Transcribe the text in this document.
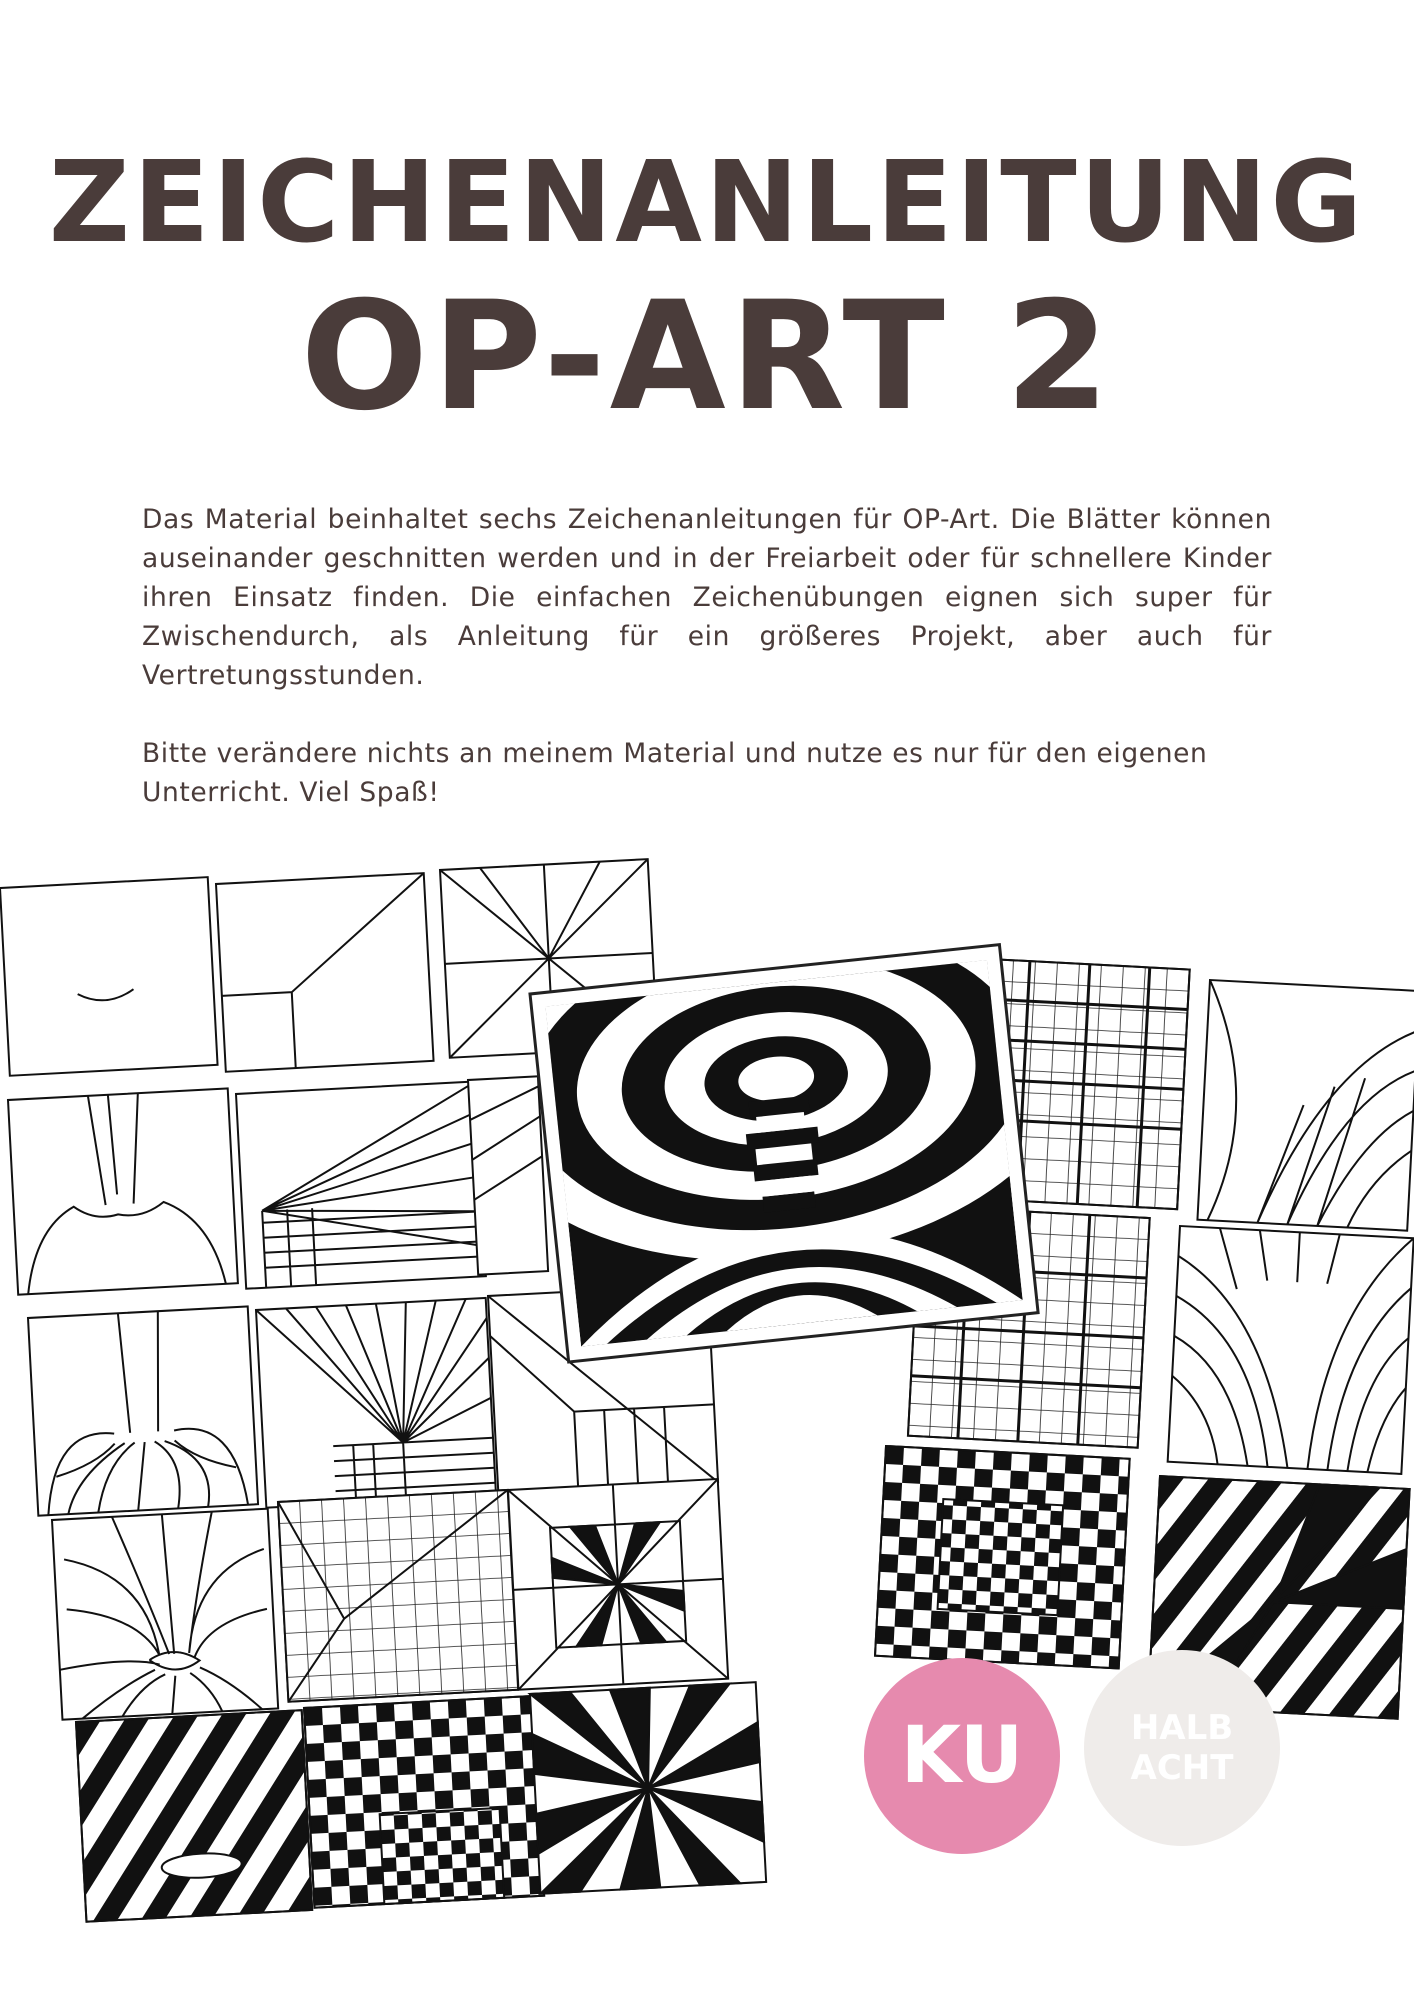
ZEICHENANLEITUNG
OP-ART 2

Das Material beinhaltet sechs Zeichenanleitungen für OP-Art. Die Blätter können auseinander geschnitten werden und in der Freiarbeit oder für schnellere Kinder ihren Einsatz finden. Die einfachen Zeichenübungen eignen sich super für Zwischendurch, als Anleitung für ein größeres Projekt, aber auch für Vertretungsstunden.

Bitte verändere nichts an meinem Material und nutze es nur für den eigenen Unterricht. Viel Spaß!

KU	HALB
ACHT
